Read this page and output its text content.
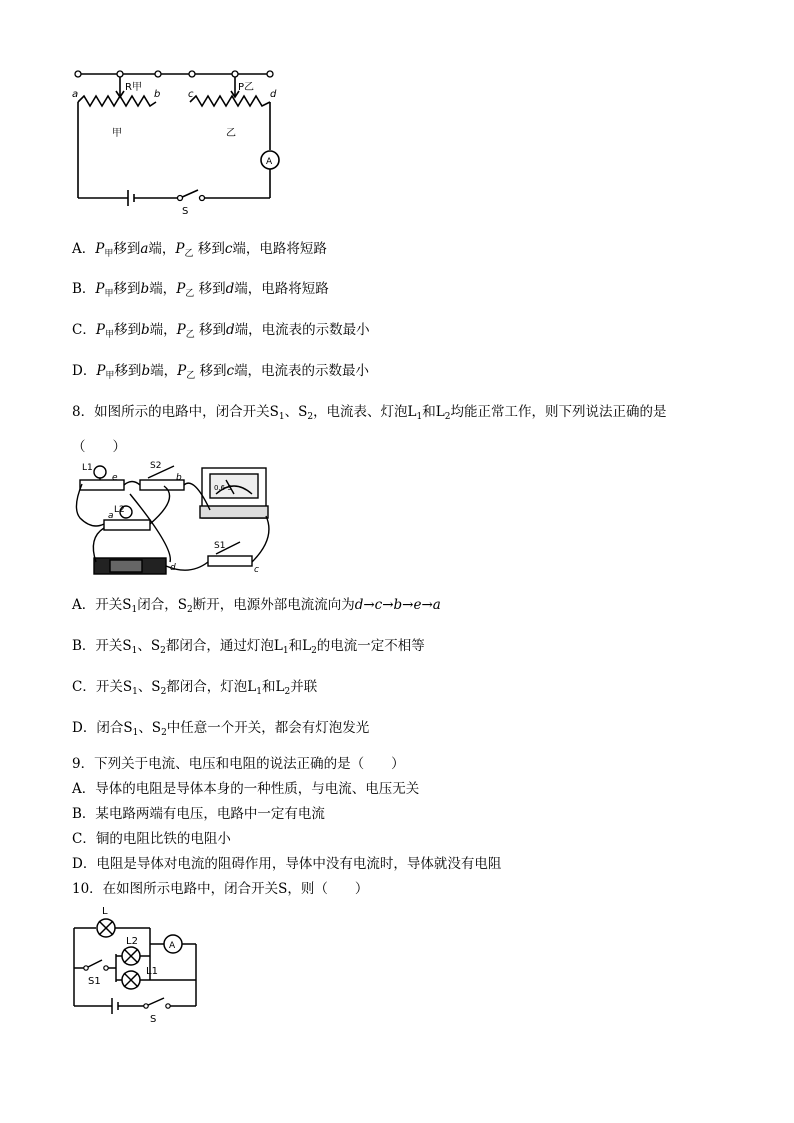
a	b	c	d
R甲	P乙
甲	乙
A
S
A．$P_甲$移到a端，$P_乙$ 移到c端，电路将短路
B．$P_甲$移到b端，$P_乙$ 移到d端，电路将短路
C．$P_甲$移到b端，$P_乙$ 移到d端，电流表的示数最小
D．$P_甲$移到b端，$P_乙$ 移到c端，电流表的示数最小
8．如图所示的电路中，闭合开关$S_1$、$S_2$，电流表、灯泡$L_1$和$L_2$均能正常工作，则下列说法正确的是
（　　）
L1	S2
L2
S1
a
b
c
d
e
0.6 3
A．开关$S_1$闭合，$S_2$断开，电源外部电流流向为d→c→b→e→a
B．开关$S_1$、$S_2$都闭合，通过灯泡$L_1$和$L_2$的电流一定不相等
C．开关$S_1$、$S_2$都闭合，灯泡$L_1$和$L_2$并联
D．闭合$S_1$、$S_2$中任意一个开关，都会有灯泡发光
9．下列关于电流、电压和电阻的说法正确的是（　　）
A．导体的电阻是导体本身的一种性质，与电流、电压无关
B．某电路两端有电压，电路中一定有电流
C．铜的电阻比铁的电阻小
D．电阻是导体对电流的阻碍作用，导体中没有电流时，导体就没有电阻
10．在如图所示电路中，闭合开关S，则（　　）
L
L2
L1
A
S1
S
